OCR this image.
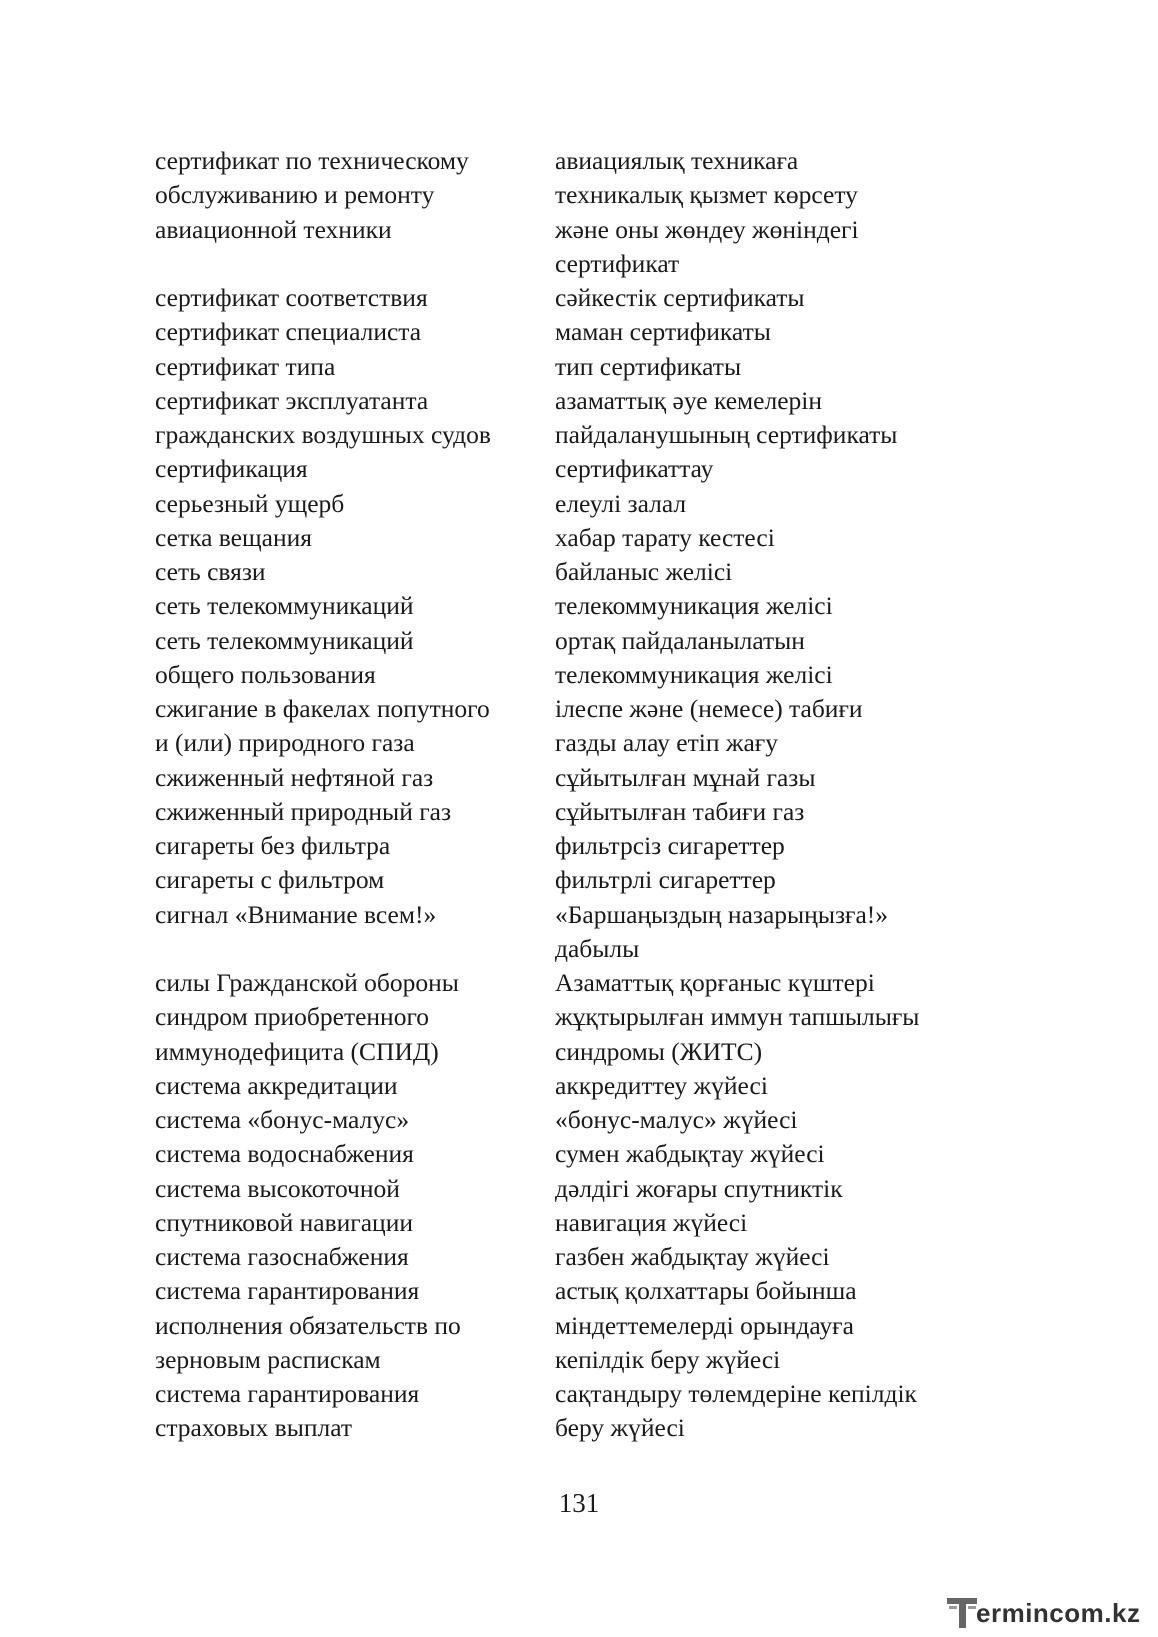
сертификат по техническому	авиациялық техникаға
обслуживанию и ремонту	техникалық қызмет көрсету
авиационной техники	және оны жөндеу жөніндегі
сертификат
сертификат соответствия	сәйкестік сертификаты
сертификат специалиста	маман сертификаты
сертификат типа	тип сертификаты
сертификат эксплуатанта	азаматтық әуе кемелерін
гражданских воздушных судов	пайдаланушының сертификаты
сертификация	сертификаттау
серьезный ущерб	елеулі залал
сетка вещания	хабар тарату кестесі
сеть связи	байланыс желісі
сеть телекоммуникаций	телекоммуникация желісі
сеть телекоммуникаций	ортақ пайдаланылатын
общего пользования	телекоммуникация желісі
сжигание в факелах попутного	ілеспе және (немесе) табиғи
и (или) природного газа	газды алау етіп жағу
сжиженный нефтяной газ	сұйытылған мұнай газы
сжиженный природный газ	сұйытылған табиғи газ
сигареты без фильтра	фильтрсіз сигареттер
сигареты с фильтром	фильтрлі сигареттер
сигнал «Внимание всем!»	«Баршаңыздың назарыңызға!»
дабылы
силы Гражданской обороны	Азаматтық қорғаныс күштері
синдром приобретенного	жұқтырылған иммун тапшылығы
иммунодефицита (СПИД)	синдромы (ЖИТС)
система аккредитации	аккредиттеу жүйесі
система «бонус-малус»	«бонус-малус» жүйесі
система водоснабжения	сумен жабдықтау жүйесі
система высокоточной	дәлдігі жоғары спутниктік
спутниковой навигации	навигация жүйесі
система газоснабжения	газбен жабдықтау жүйесі
система гарантирования	астық қолхаттары бойынша
исполнения обязательств по	міндеттемелерді орындауға
зерновым распискам	кепілдік беру жүйесі
система гарантирования	сақтандыру төлемдеріне кепілдік
страховых выплат	беру жүйесі
131
ermincоm.kz
